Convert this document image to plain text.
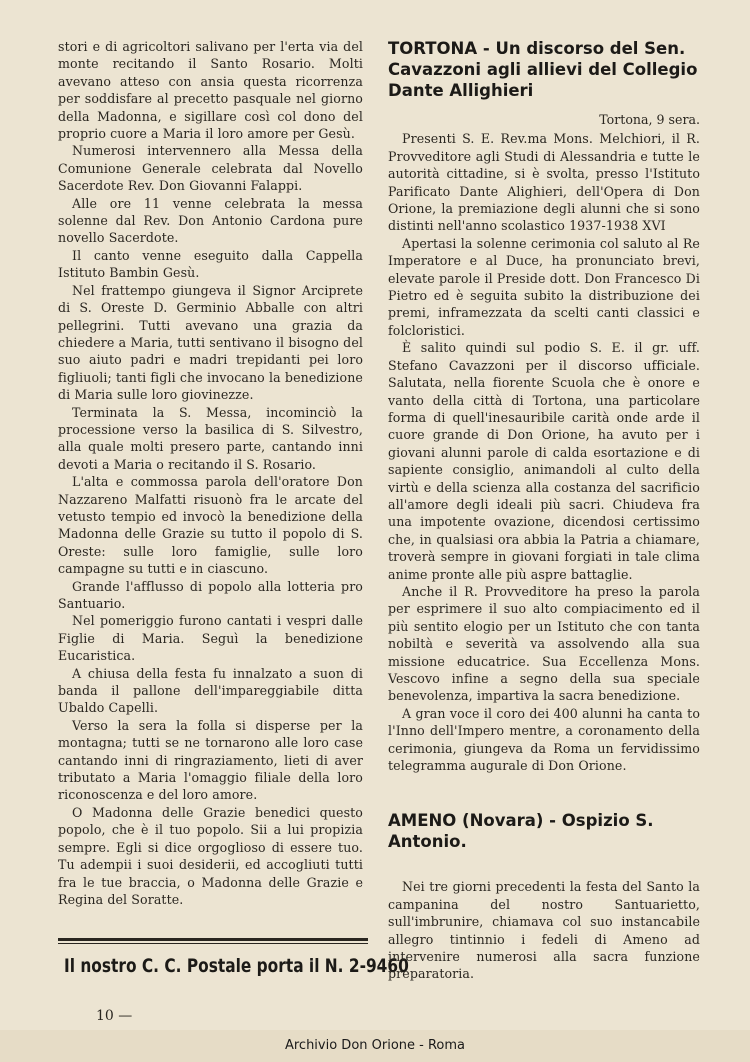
stori e di agricoltori salivano per l'erta via del monte recitando il Santo Rosario. Molti avevano atteso con ansia questa ricorrenza per soddisfare al precetto pasquale nel giorno della Madonna, e sigillare così col dono del proprio cuore a Maria il loro amore per Gesù.

Numerosi intervennero alla Messa della Comunione Generale celebrata dal Novello Sacerdote Rev. Don Giovanni Falappi.

Alle ore 11 venne celebrata la messa solenne dal Rev. Don Antonio Cardona pure novello Sacerdote.

Il canto venne eseguito dalla Cappella Istituto Bambin Gesù.

Nel frattempo giungeva il Signor Arciprete di S. Oreste D. Germinio Abballe con altri pellegrini. Tutti avevano una grazia da chiedere a Maria, tutti sentivano il bisogno del suo aiuto padri e madri trepidanti pei loro figliuoli; tanti figli che invocano la benedizione di Maria sulle loro giovinezze.

Terminata la S. Messa, incominciò la processione verso la basilica di S. Silvestro, alla quale molti presero parte, cantando inni devoti a Maria o recitando il S. Rosario.

L'alta e commossa parola dell'oratore Don Nazzareno Malfatti risuonò fra le arcate del vetusto tempio ed invocò la benedizione della Madonna delle Grazie su tutto il popolo di S. Oreste: sulle loro famiglie, sulle loro campagne su tutti e in ciascuno.

Grande l'afflusso di popolo alla lotteria pro Santuario.

Nel pomeriggio furono cantati i vespri dalle Figlie di Maria. Seguì la benedizione Eucaristica.

A chiusa della festa fu innalzato a suon di banda il pallone dell'impareggiabile ditta Ubaldo Capelli.

Verso la sera la folla si disperse per la montagna; tutti se ne tornarono alle loro case cantando inni di ringraziamento, lieti di aver tributato a Maria l'omaggio filiale della loro riconoscenza e del loro amore.

O Madonna delle Grazie benedici questo popolo, che è il tuo popolo. Sii a lui propizia sempre. Egli si dice orgoglioso di essere tuo. Tu adempii i suoi desiderii, ed accogliuti tutti fra le tue braccia, o Madonna delle Grazie e Regina del Soratte.

Il nostro C. C. Postale porta il N. 2-9460
10 —
TORTONA - Un discorso del Sen. Cavazzoni agli allievi del Collegio Dante Allighieri
Tortona, 9 sera.

Presenti S. E. Rev.ma Mons. Melchiori, il R. Provveditore agli Studi di Alessandria e tutte le autorità cittadine, si è svolta, presso l'Istituto Parificato Dante Alighieri, dell'Opera di Don Orione, la premiazione degli alunni che si sono distinti nell'anno scolastico 1937-1938 XVI

Apertasi la solenne cerimonia col saluto al Re Imperatore e al Duce, ha pronunciato brevi, elevate parole il Preside dott. Don Francesco Di Pietro ed è seguita subito la distribuzione dei premi, inframezzata da scelti canti classici e folcloristici.

È salito quindi sul podio S. E. il gr. uff. Stefano Cavazzoni per il discorso ufficiale. Salutata, nella fiorente Scuola che è onore e vanto della città di Tortona, una particolare forma di quell'inesauribile carità onde arde il cuore grande di Don Orione, ha avuto per i giovani alunni parole di calda esortazione e di sapiente consiglio, animandoli al culto della virtù e della scienza alla costanza del sacrificio all'amore degli ideali più sacri. Chiudeva fra una impotente ovazione, dicendosi certissimo che, in qualsiasi ora abbia la Patria a chiamare, troverà sempre in giovani forgiati in tale clima anime pronte alle più aspre battaglie.

Anche il R. Provveditore ha preso la parola per esprimere il suo alto compiacimento ed il più sentito elogio per un Istituto che con tanta nobiltà e severità va assolvendo alla sua missione educatrice. Sua Eccellenza Mons. Vescovo infine a segno della sua speciale benevolenza, impartiva la sacra benedizione.

A gran voce il coro dei 400 alunni ha canta to l'Inno dell'Impero mentre, a coronamento della cerimonia, giungeva da Roma un fervidissimo telegramma augurale di Don Orione.

AMENO (Novara) - Ospizio S. Antonio.

Nei tre giorni precedenti la festa del Santo la campanina del nostro Santuarietto, sull'imbrunire, chiamava col suo instancabile allegro tintinnio i fedeli di Ameno ad intervenire numerosi alla sacra funzione preparatoria.

Archivio Don Orione - Roma
